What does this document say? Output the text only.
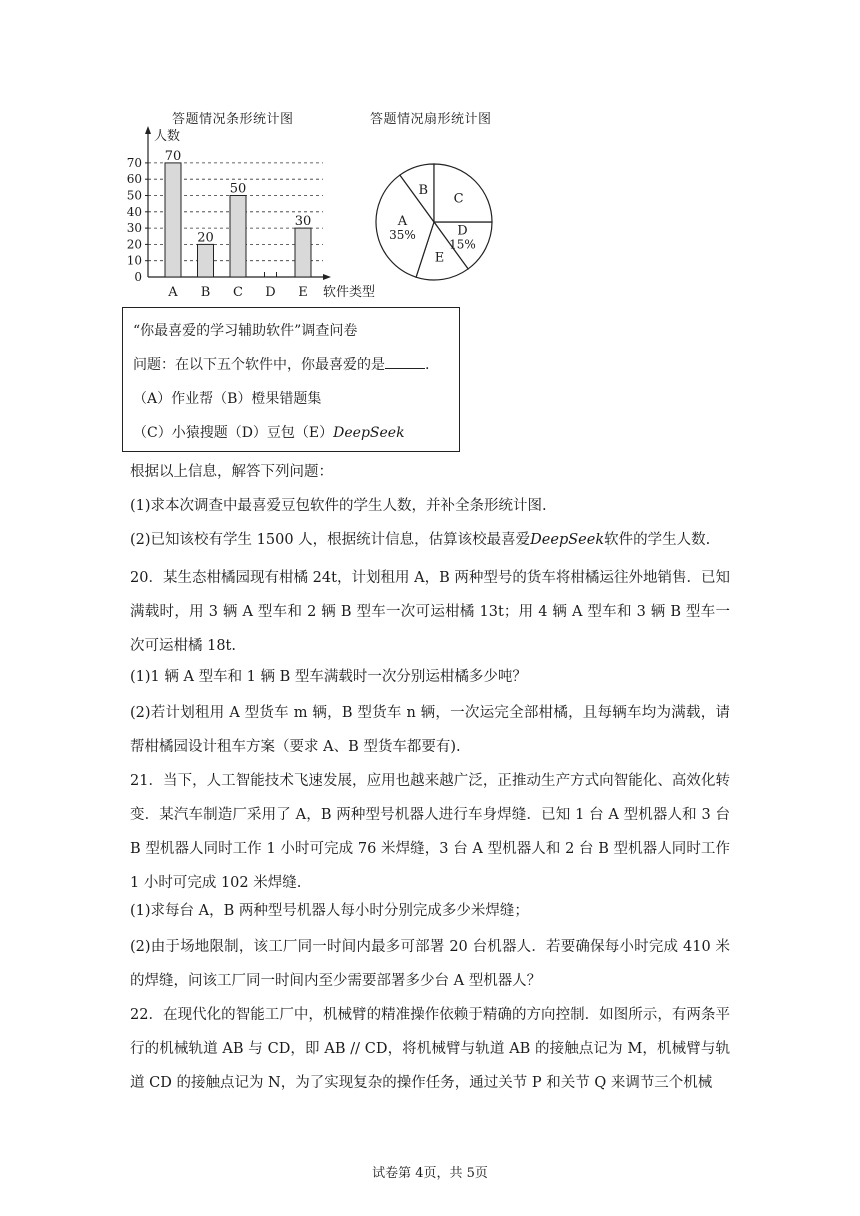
答题情况条形统计图	答题情况扇形统计图
0
10
20
30
40
50
60
70
A B C D E
70
20
50
30
人数
软件类型
D
15%
E
A
35%
B
C
“你最喜爱的学习辅助软件”调查问卷
问题：在以下五个软件中，你最喜爱的是	.
（A）作业帮（B）橙果错题集
（C）小猿搜题（D）豆包（E）DeepSeek
根据以上信息，解答下列问题：
(1)求本次调查中最喜爱豆包软件的学生人数，并补全条形统计图.
(2)已知该校有学生 1500 人，根据统计信息，估算该校最喜爱DeepSeek软件的学生人数.
20．某生态柑橘园现有柑橘 24t，计划租用 A，B 两种型号的货车将柑橘运往外地销售．已知满载时，用 3 辆 A 型车和 2 辆 B 型车一次可运柑橘 13t；用 4 辆 A 型车和 3 辆 B 型车一次可运柑橘 18t.
(1)1 辆 A 型车和 1 辆 B 型车满载时一次分别运柑橘多少吨？
(2)若计划租用 A 型货车 m 辆，B 型货车 n 辆，一次运完全部柑橘，且每辆车均为满载，请帮柑橘园设计租车方案（要求 A、B 型货车都要有).
21．当下，人工智能技术飞速发展，应用也越来越广泛，正推动生产方式向智能化、高效化转变．某汽车制造厂采用了 A，B 两种型号机器人进行车身焊缝．已知 1 台 A 型机器人和 3 台 B 型机器人同时工作 1 小时可完成 76 米焊缝，3 台 A 型机器人和 2 台 B 型机器人同时工作 1 小时可完成 102 米焊缝.
(1)求每台 A，B 两种型号机器人每小时分别完成多少米焊缝；
(2)由于场地限制，该工厂同一时间内最多可部署 20 台机器人．若要确保每小时完成 410 米的焊缝，问该工厂同一时间内至少需要部署多少台 A 型机器人？
22．在现代化的智能工厂中，机械臂的精准操作依赖于精确的方向控制．如图所示，有两条平行的机械轨道 AB 与 CD，即 AB // CD，将机械臂与轨道 AB 的接触点记为 M，机械臂与轨道 CD 的接触点记为 N，为了实现复杂的操作任务，通过关节 P 和关节 Q 来调节三个机械
试卷第 4页，共 5页
